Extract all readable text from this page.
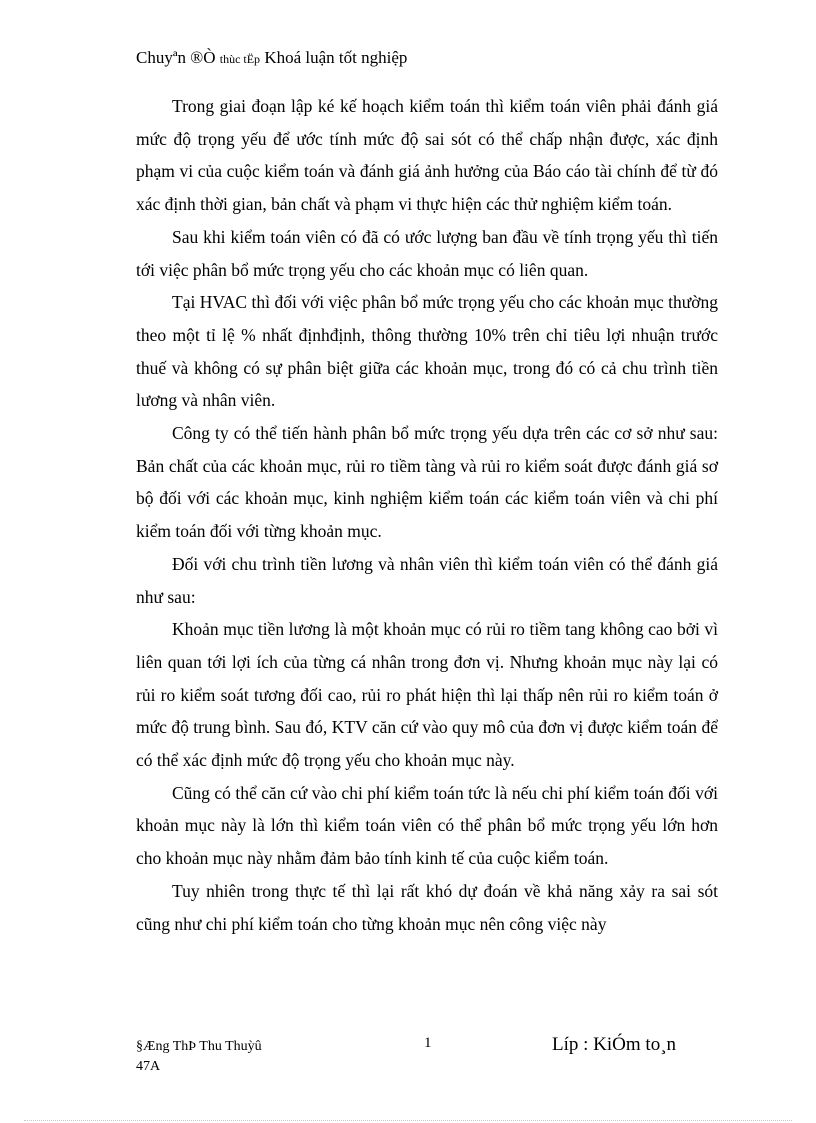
Chuyªn ®Ò thùc tËp Khoá luận tốt nghiệp

Trong giai đoạn lập ké kế hoạch kiểm toán thì kiểm toán viên phải đánh giá mức độ trọng yếu để ước tính mức độ sai sót có thể chấp nhận được, xác định phạm vi của cuộc kiểm toán và đánh giá ảnh hưởng của Báo cáo tài chính để từ đó xác định thời gian, bản chất và phạm vi thực hiện các thử nghiệm kiểm toán.

Sau khi kiểm toán viên có đã có ước lượng ban đầu về tính trọng yếu thì tiến tới việc phân bổ mức trọng yếu cho các khoản mục có liên quan.

Tại HVAC thì đối với việc phân bổ mức trọng yếu cho các khoản mục thường theo một tỉ lệ % nhất địnhđịnh, thông thường 10% trên chỉ tiêu lợi nhuận trước thuế và không có sự phân biệt giữa các khoản mục, trong đó có cả chu trình tiền lương và nhân viên.

Công ty có thể tiến hành phân bổ mức trọng yếu dựa trên các cơ sở như sau: Bản chất của các khoản mục, rủi ro tiềm tàng và rủi ro kiểm soát được đánh giá sơ bộ đối với các khoản mục, kinh nghiệm kiểm toán các kiểm toán viên và chi phí kiểm toán đối với từng khoản mục.

Đối với chu trình tiền lương và nhân viên thì kiểm toán viên có thể đánh giá như sau:

Khoản mục tiền lương là một khoản mục có rủi ro tiềm tang không cao bởi vì liên quan tới lợi ích của từng cá nhân trong đơn vị. Nhưng khoản mục này lại có rủi ro kiểm soát tương đối cao, rủi ro phát hiện thì lại thấp nên rủi ro kiểm toán ở mức độ trung bình. Sau đó, KTV căn cứ vào quy mô của đơn vị được kiểm toán để có thể xác định mức độ trọng yếu cho khoản mục này.

Cũng có thể căn cứ vào chi phí kiểm toán tức là nếu chi phí kiểm toán đối với khoản mục này là lớn thì kiểm toán viên có thể phân bổ mức trọng yếu lớn hơn cho khoản mục này nhằm đảm bảo tính kinh tế của cuộc kiểm toán.

Tuy nhiên trong thực tế thì lại rất khó dự đoán về khả năng xảy ra sai sót cũng như chi phí kiểm toán cho từng khoản mục nên công việc này

§Æng ThÞ Thu Thuỳû
47A
1	Líp : KiÓm to¸n
